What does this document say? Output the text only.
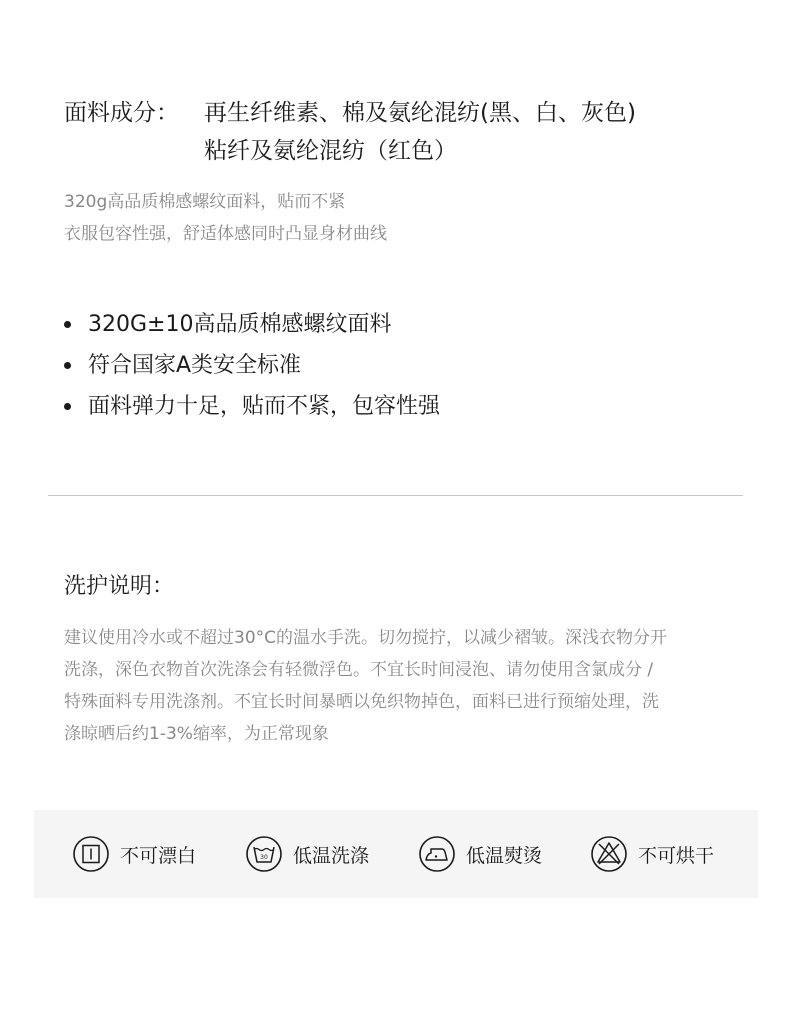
面料成分： 再生纤维素、棉及氨纶混纺(黑、白、灰色)
粘纤及氨纶混纺（红色）
320g高品质棉感螺纹面料，贴而不紧
衣服包容性强，舒适体感同时凸显身材曲线
320G±10高品质棉感螺纹面料
符合国家A类安全标准
面料弹力十足，贴而不紧，包容性强
洗护说明：

建议使用冷水或不超过30°C的温水手洗。切勿搅拧，以减少褶皱。深浅衣物分开

洗涤，深色衣物首次洗涤会有轻微浮色。不宜长时间浸泡、请勿使用含氯成分 /

特殊面料专用洗涤剂。不宜长时间暴晒以免织物掉色，面料已进行预缩处理，洗

涤晾晒后约1-3%缩率，为正常现象

不可漂白	30 低温洗涤	低温熨烫	不可烘干
